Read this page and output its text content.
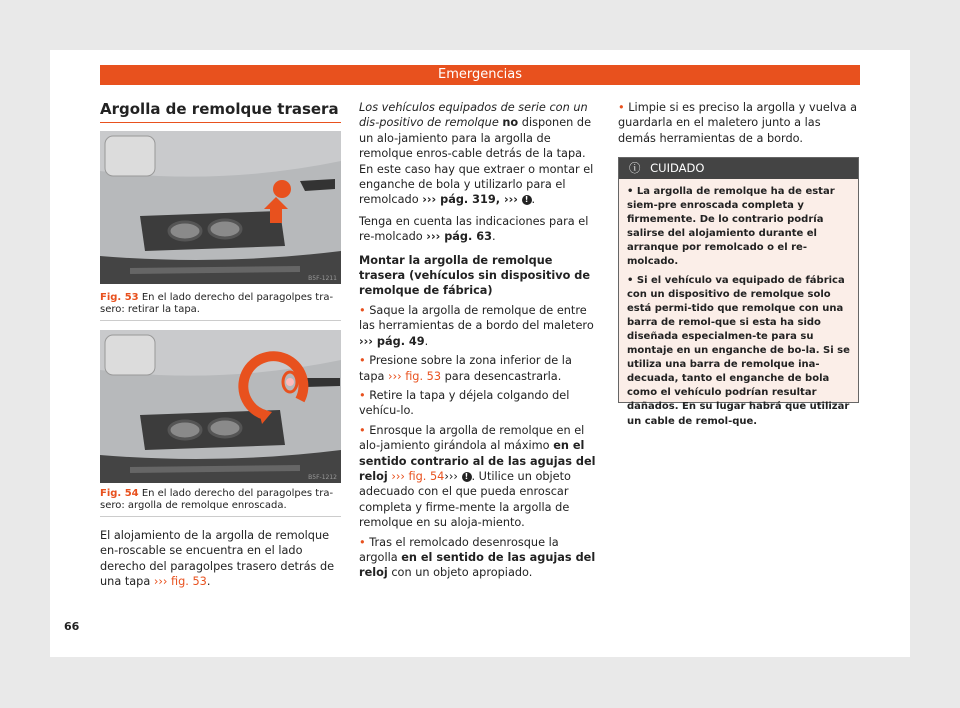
Emergencias
Argolla de remolque trasera
B5F-1211
Fig. 53 En el lado derecho del paragolpes tra-sero: retirar la tapa.
B5F-1212
Fig. 54 En el lado derecho del paragolpes tra-sero: argolla de remolque enroscada.
El alojamiento de la argolla de remolque en-roscable se encuentra en el lado derecho del paragolpes trasero detrás de una tapa ››› fig. 53.

Los vehículos equipados de serie con un dis-positivo de remolque no disponen de un alo-jamiento para la argolla de remolque enros-cable detrás de la tapa. En este caso hay que extraer o montar el enganche de bola y utilizarlo para el remolcado ››› pág. 319, ››› ! .

Tenga en cuenta las indicaciones para el re-molcado ››› pág. 63.

Montar la argolla de remolque trasera (vehículos sin dispositivo de remolque de fábrica)

• Saque la argolla de remolque de entre las herramientas de a bordo del maletero ››› pág. 49.

• Presione sobre la zona inferior de la tapa ››› fig. 53 para desencastrarla.

• Retire la tapa y déjela colgando del vehícu-lo.

• Enrosque la argolla de remolque en el alo-jamiento girándola al máximo en el sentido contrario al de las agujas del reloj ››› fig. 54››› ! . Utilice un objeto adecuado con el que pueda enroscar completa y firme-mente la argolla de remolque en su aloja-miento.

• Tras el remolcado desenrosque la argolla en el sentido de las agujas del reloj con un objeto apropiado.

• Limpie si es preciso la argolla y vuelva a guardarla en el maletero junto a las demás herramientas de a bordo.

ⓘ CUIDADO

• La argolla de remolque ha de estar siem-pre enroscada completa y firmemente. De lo contrario podría salirse del alojamiento durante el arranque por remolcado o el re-molcado.

• Si el vehículo va equipado de fábrica con un dispositivo de remolque solo está permi-tido que remolque con una barra de remol-que si esta ha sido diseñada especialmen-te para su montaje en un enganche de bo-la. Si se utiliza una barra de remolque ina-decuada, tanto el enganche de bola como el vehículo podrían resultar dañados. En su lugar habrá que utilizar un cable de remol-que.

66
